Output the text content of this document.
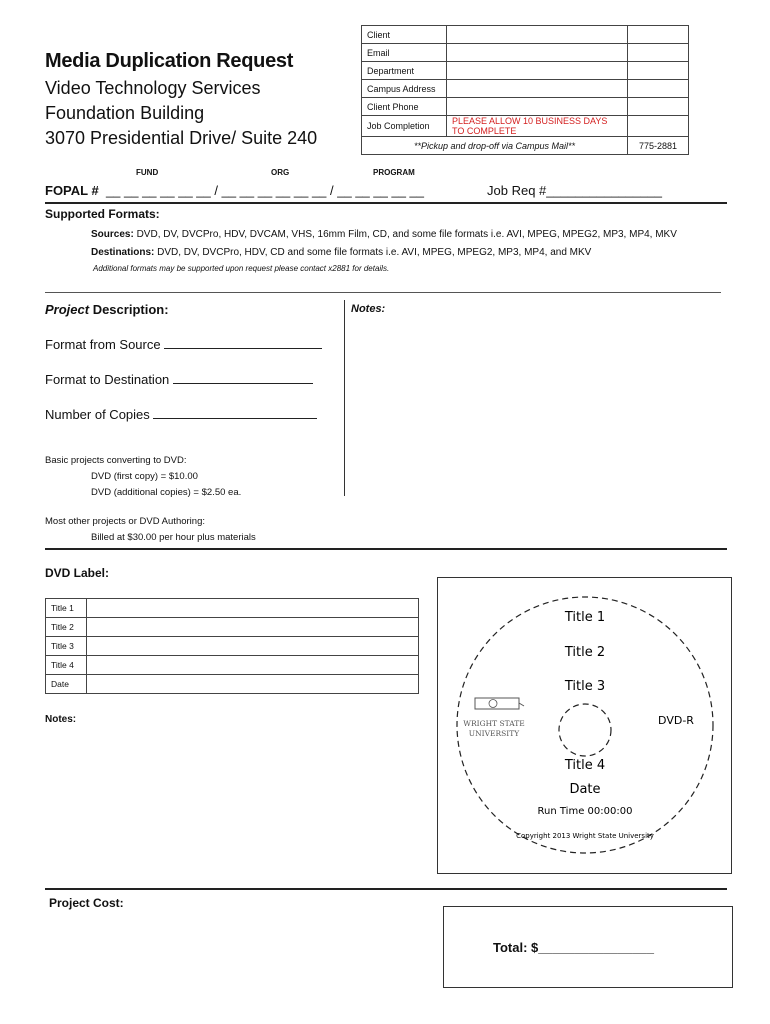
Media Duplication Request
Video Technology Services
Foundation Building
3070 Presidential Drive/ Suite 240
Client		
Email		
Department		
Campus Address		
Client Phone		
Job Completion	PLEASE ALLOW 10 BUSINESS DAYS TO COMPLETE	
**Pickup and drop-off via Campus Mail**		775-2881
FUND	ORG	PROGRAM
FOPAL # __ __ __ __ __ __ / __ __ __ __ __ __ / __ __ __ __ __	Job Req #________________
Supported Formats:
Sources: DVD, DV, DVCPro, HDV, DVCAM, VHS, 16mm Film, CD, and some file formats i.e. AVI, MPEG, MPEG2, MP3, MP4, MKV
Destinations: DVD, DV, DVCPro, HDV, CD and some file formats i.e. AVI, MPEG, MPEG2, MP3, MP4, and MKV
Additional formats may be supported upon request please contact x2881 for details.
Project Description:	Notes:
Format from Source
Format to Destination
Number of Copies
Basic projects converting to DVD:
DVD (first copy) = $10.00
DVD (additional copies) = $2.50 ea.
Most other projects or DVD Authoring:
Billed at $30.00 per hour plus materials
DVD Label:
Title 1	
Title 2	
Title 3	
Title 4	
Date	
Notes:
Title 1
Title 2
Title 3
Title 4
Date
Run Time 00:00:00
Copyright 2013 Wright State University
DVD-R
WRIGHT STATE
UNIVERSITY
Project Cost:
Total: $________________
